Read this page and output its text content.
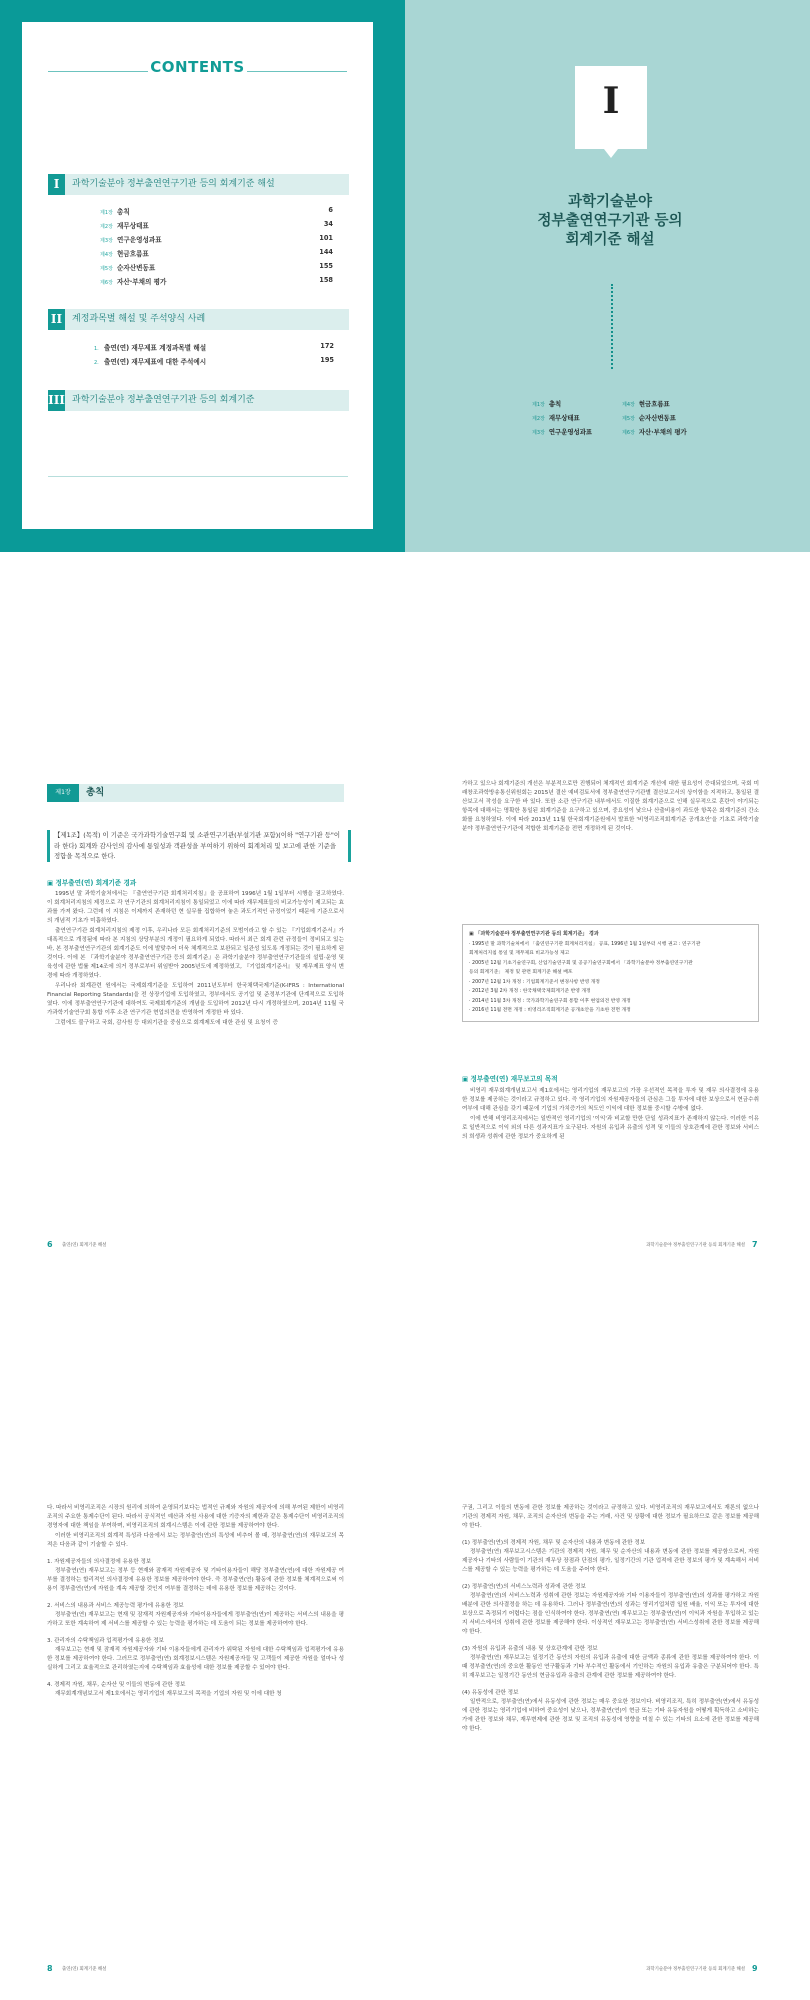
CONTENTS
I	과학기술분야 정부출연연구기관 등의 회계기준 해설
제1장 총칙	6
제2장 재무상태표	34
제3장 연구운영성과표	101
제4장 현금흐름표	144
제5장 순자산변동표	155
제6장 자산·부채의 평가	158
II	계정과목별 해설 및 주석양식 사례
1. 출연(연) 재무제표 계정과목별 해설	172
2. 출연(연) 재무제표에 대한 주석예시	195
III 과학기술분야 정부출연연구기관 등의 회계기준
I
과학기술분야
정부출연연구기관 등의
회계기준 해설
제1장 총칙
제2장 재무상태표
제3장 연구운영성과표
제4장 현금흐름표
제5장 순자산변동표
제6장 자산·부채의 평가
제1장	총칙
【제1조】(목적) 이 기준은 국가과학기술연구회 및 소관연구기관(부설기관 포함)(이하 "연구기관 등"이라 한다) 회계와 감사인의 감사에 통일성과 객관성을 부여하기 위하여 회계처리 및 보고에 관한 기준을 정함을 목적으로 한다.
▣ 정부출연(연) 회계기준 경과

1995년 말 과학기술처에서는 『출연연구기관 회계처리지침』을 공표하여 1996년 1월 1일부터 시행을 권고하였다. 이 회계처리지침의 제정으로 각 연구기관의 회계처리지침이 통일되었고 이에 따라 재무제표들의 비교가능성이 제고되는 효과를 가져 왔다. 그런데 이 지침은 이제까지 존재하던 현 실무를 집합하여 놓은 과도기적인 규정이었기 때문에 기준으로서의 개념적 기초가 미흡하였다.

출연연구기관 회계처리지침의 제정 이후, 우리나라 모든 회계처리기준의 모범이라고 할 수 있는 『기업회계기준서』가 대폭적으로 개정됨에 따라 본 지침의 상당부분의 개정이 필요하게 되었다. 따라서 최근 회계 관련 규정들이 정비되고 있는바, 본 정부출연연구기관의 회계기준도 이에 발맞추어 더욱 체계적으로 보완되고 일관성 있도록 개정되는 것이 필요하게 된 것이다. 이에 본 『과학기술분야 정부출연연구기관 등의 회계기준』은 과학기술분야 정부출연연구기관들의 설립·운영 및 육성에 관한 법률 제14조에 의거 정부로부터 위임받아 2005년도에 제정하였고, 『기업회계기준서』 및 재무제표 양식 변경에 따라 개정하였다.

우리나라 회계관련 원에서는 국제회계기준을 도입하여 2011년도부터 한국채택국제기준(K-IFRS : International Financial Reporting Standards)을 전 상장기업에 도입하였고, 정부에서도 공기업 및 준정부기관에 단계적으로 도입하였다. 이에 정부출연연구기관에 대하여도 국제회계기준의 개념을 도입하여 2012년 다시 개정하였으며, 2014년 11월 국가과학기술연구회 통합 이후 소관 연구기관 현업의견을 반영하여 개정한 바 있다.

그럼에도 불구하고 국회, 감사원 등 대외기관을 중심으로 회계제도에 대한 관심 및 요청이 증

가하고 있으나 회계기준의 개선은 부분적으로만 진행되어 체계적인 회계기준 개선에 대한 필요성이 증대되었으며, 국회 미래창조과학방송통신위원회는 2015년 결산 예비검토서에 정부출연연구기관별 결산보고서의 상이함을 지적하고, 통일된 결산보고서 작성을 요구한 바 있다. 또한 소관 연구기관 내부에서도 이질한 회계기준으로 인해 실무적으로 혼란이 야기되는 항목에 대해서는 명확한 통일된 회계기준을 요구하고 있으며, 중요성이 낮으나 산출비용이 과도한 항목은 회계기준의 간소화를 요청하였다. 이에 따라 2013년 11월 한국회계기준원에서 발표한 '비영리조직회계기준 공개초안'을 기초로 과학기술분야 정부출연연구기관에 적합한 회계기준을 전면 개정하게 된 것이다.

▣ 「과학기술분야 정부출연연구기관 등의 회계기준」 경과
· 1995년 말 과학기술처에서 「출연연구기관 회계처리지침」 공표, 1996년 1월 1일부터 시행 권고 : 연구기관
회계처리지침 통일 및 재무제표 비교가능성 제고
· 2005년 12월 기초기술연구회, 산업기술연구회 및 공공기술연구회에서 「과학기술분야 정부출연연구기관
등의 회계기준」 제정 및 관련 회계기준 해설 배포
· 2007년 12월 1차 개정 : 기업회계기준서 변경사항 반영 개정
· 2012년 3월 2차 개정 : 한국채택국제회계기준 반영 개정
· 2014년 11월 3차 개정 : 국가과학기술연구회 통합 이후 현업의견 반영 개정
· 2016년 11월 전면 개정 : 비영리조직회계기준 공개초안을 기초한 전면 개정
▣ 정부출연(연) 재무보고의 목적

비영리 재무회계개념보고서 제1호에서는 영리기업의 재무보고의 가장 우선적인 목적을 투자 및 재무 의사결정에 유용한 정보를 제공하는 것이라고 규정하고 있다. 즉 영리기업의 자원제공자들의 관심은 그들 투자에 대한 보상으로서 현금수취 여부에 대해 관심을 갖기 때문에 기업의 가치증가의 척도인 이익에 대한 정보를 중시할 수밖에 없다.

이에 반해 비영리조직에서는 일반적인 영리기업의 '이익'과 비교할 만한 단일 성과지표가 존재하지 않는다. 이러한 이유로 일반적으로 이익 외의 다른 성과지표가 요구된다. 자원의 유입과 유출의 성격 및 이들의 상호관계에 관한 정보와 서비스의 희생과 성취에 관한 정보가 중요하게 된

6 출연(연) 회계기준 해설	과학기술분야 정부출연연구기관 등의 회계기준 해설 7

다. 따라서 비영리조직은 시장의 원리에 의하여 운영되기보다는 법적인 규제와 자원의 제공자에 의해 부여된 제한이 비영리조직의 주요한 통제수단이 된다. 따라서 공식적인 예산과 자원 사용에 대한 기증자의 제한과 같은 통제수단이 비영리조직의 경영자에 대한 책임을 부여하며, 비영리조직의 회계시스템은 이에 관한 정보를 제공하여야 한다.

이러한 비영리조직의 회계적 특성과 다음에서 보는 정부출연(연)의 특성에 비추어 볼 때, 정부출연(연)의 재무보고의 목적은 다음과 같이 기술할 수 있다.

1. 자원제공자들의 의사결정에 유용한 정보

정부출연(연) 재무보고는 정부 등 현재와 잠재적 자원제공자 및 기타이용자들이 해당 정부출연(연)에 대한 자원제공 여부를 결정하는 합리적인 의사결정에 유용한 정보를 제공하여야 한다. 즉 정부출연(연) 활동에 관한 정보를 체계적으로써 이용이 정부출연(연)에 자원을 계속 제공할 것인지 여부를 결정하는 데에 유용한 정보를 제공하는 것이다.

2. 서비스의 내용과 서비스 제공능력 평가에 유용한 정보

정부출연(연) 재무보고는 현재 및 잠재적 자원제공자와 기타이용자들에게 정부출연(연)이 제공하는 서비스의 내용을 평가하고 또한 계속하여 제 서비스를 제공할 수 있는 능력을 평가하는 데 도움이 되는 정보를 제공하여야 한다.

3. 관리자의 수탁책임과 업적평가에 유용한 정보

재무보고는 현재 및 잠재적 자원제공자와 기타 이용자들에게 관리자가 위탁된 자원에 대한 수탁책임과 업적평가에 유용한 정보를 제공하여야 한다. 그러므로 정부출연(연) 회계정보시스템은 자원제공자들 및 고객들이 제공한 자원을 얼마나 성실하게 그리고 효율적으로 관리하였는지에 수탁책임과 효율성에 대한 정보를 제공할 수 있어야 한다.

4. 경제적 자원, 채무, 순자산 및 이들의 변동에 관한 정보

재무회계개념보고서 제1호에서는 영리기업의 재무보고의 목적을 기업의 자원 및 이에 대한 청

구권, 그리고 이들의 변동에 관한 정보를 제공하는 것이라고 규정하고 있다. 비영리조직의 재무보고에서도 재론의 없으나 기관의 경제적 자원, 채무, 조직의 순자산의 변동을 주는 거래, 사건 및 상황에 대한 정보가 필요하므로 같은 정보를 제공해야 한다.

(1) 정부출연(연)의 경제적 자원, 채무 및 순자산의 내용과 변동에 관한 정보

정부출연(연) 재무보고시스템은 기관의 경제적 자원, 채무 및 순자산의 내용과 변동에 관한 정보를 제공함으로써, 자원제공자나 기타의 사람들이 기관의 재무상 장점과 단점의 평가, 일정기간의 기관 업적에 관한 정보의 평가 및 계속해서 서비스를 제공할 수 있는 능력을 평가하는 데 도움을 주어야 한다.

(2) 정부출연(연)의 서비스노력과 성과에 관한 정보

정부출연(연)의 서비스노력과 성취에 관한 정보는 자원제공자와 기타 이용자들이 정부출연(연)의 성과를 평가하고 자원배분에 관한 의사결정을 하는 데 유용하다. 그러나 정부출연(연)의 성과는 영리기업처럼 일원 배율, 이익 또는 투자에 대한 보상으로 측정되기 어렵다는 점을 인식하여야 한다. 정부출연(연) 재무보고는 정부출연(연)이 이익과 자원을 투입하고 있는지 서비스에서의 성취에 관한 정보를 제공해야 한다. 이상적인 재무보고는 정부출연(연) 서비스성취에 관한 정보를 제공해야 한다.

(3) 자원의 유입과 유출의 내용 및 상호관계에 관한 정보

정부출연(연) 재무보고는 일정기간 동안의 자원의 유입과 유출에 대한 금액과 종류에 관한 정보를 제공하여야 한다. 이때 정부출연(연)의 중요한 활동인 연구활동과 기타 부수적인 활동에서 기인하는 자원의 유입과 유출은 구분되어야 한다. 특히 재무보고는 일정기간 동안의 현금유입과 유출의 관계에 관한 정보를 제공하여야 한다.

(4) 유동성에 관한 정보

일반적으로, 정부출연(연)에서 유동성에 관한 정보는 매우 중요한 정보이다. 비영리조직, 특히 정부출연(연)에서 유동성에 관한 정보는 영리기업에 비하여 중요성이 낮으나, 정부출연(연)이 현금 또는 기타 유동자원을 어떻게 획득하고 소비하는가에 관한 정보와 채무, 재무변제에 관한 정보 및 조직의 유동성에 영향을 미칠 수 있는 기타의 요소에 관한 정보를 제공해야 한다.

8 출연(연) 회계기준 해설	과학기술분야 정부출연연구기관 등의 회계기준 해설 9
